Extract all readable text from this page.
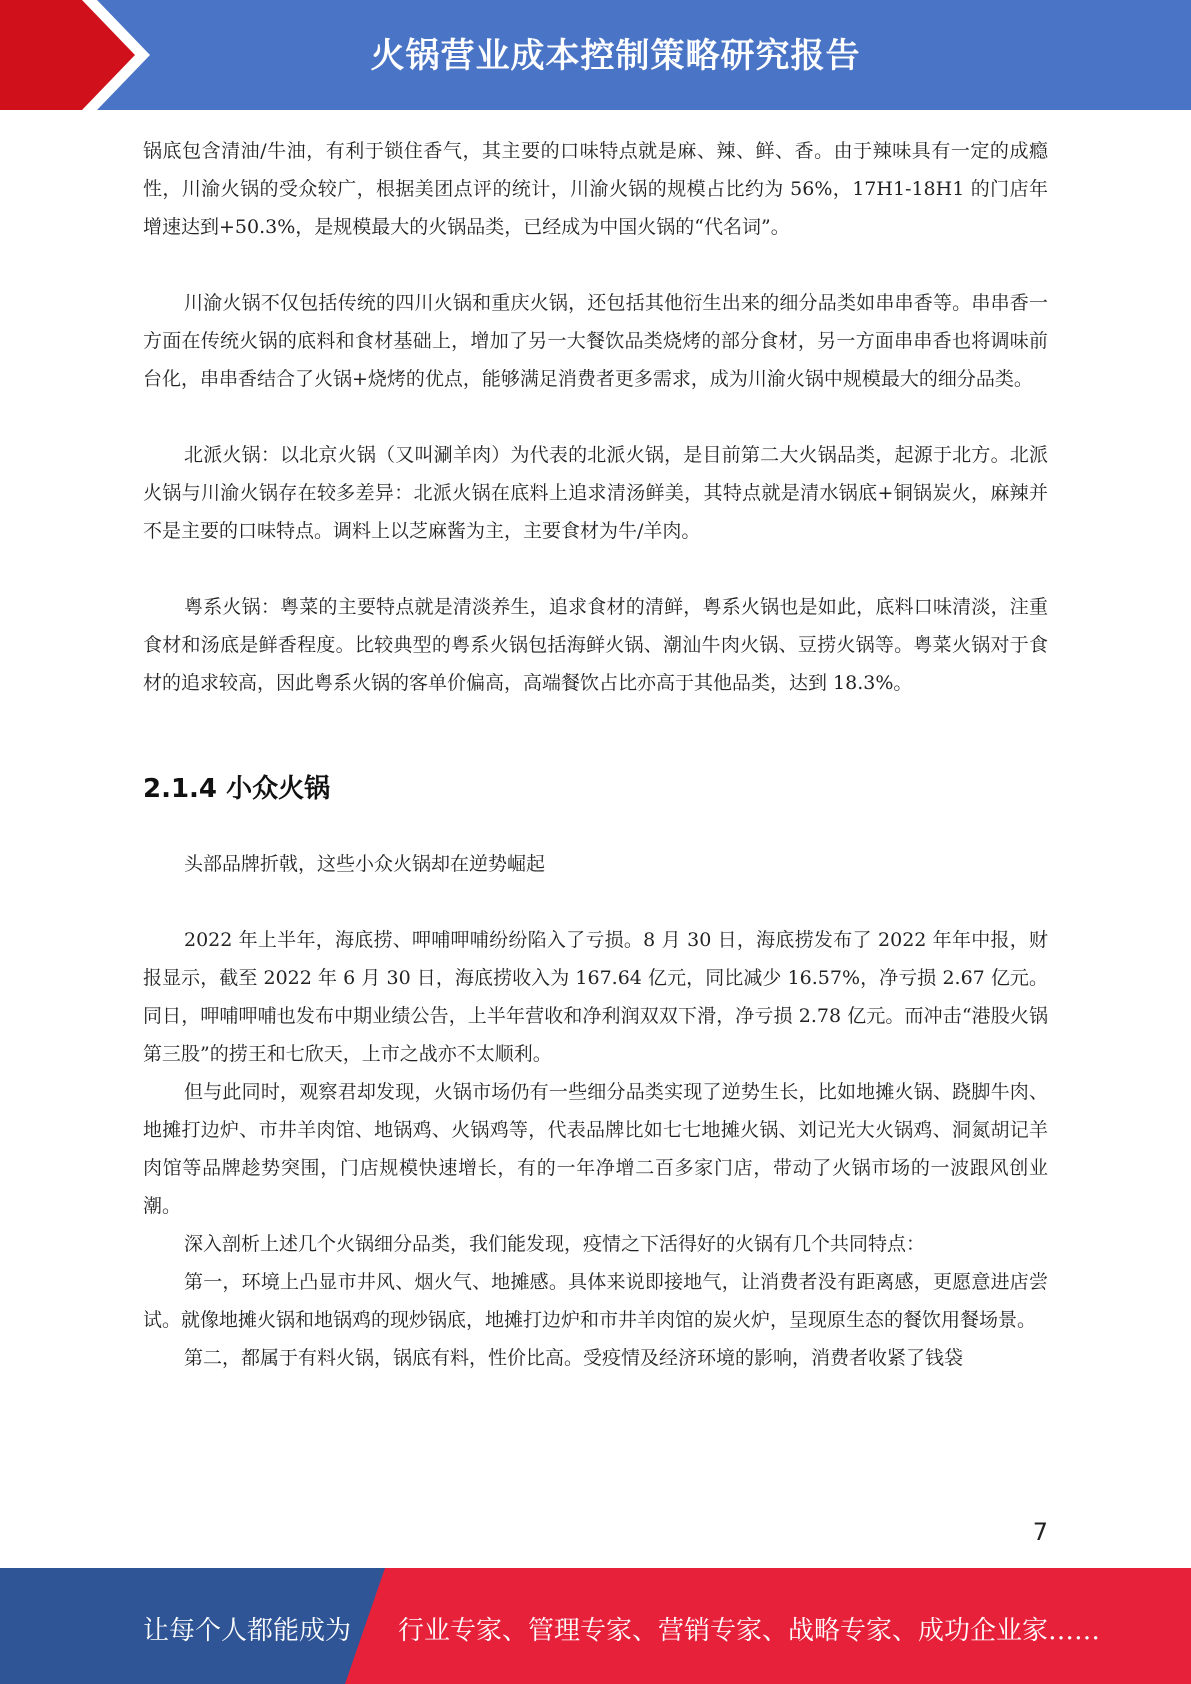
火锅营业成本控制策略研究报告

锅底包含清油/牛油，有利于锁住香气，其主要的口味特点就是麻、辣、鲜、香。由于辣味具有一定的成瘾性，川渝火锅的受众较广，根据美团点评的统计，川渝火锅的规模占比约为 56%，17H1-18H1 的门店年增速达到+50.3%，是规模最大的火锅品类，已经成为中国火锅的“代名词”。

川渝火锅不仅包括传统的四川火锅和重庆火锅，还包括其他衍生出来的细分品类如串串香等。串串香一方面在传统火锅的底料和食材基础上，增加了另一大餐饮品类烧烤的部分食材，另一方面串串香也将调味前台化，串串香结合了火锅+烧烤的优点，能够满足消费者更多需求，成为川渝火锅中规模最大的细分品类。

北派火锅：以北京火锅（又叫涮羊肉）为代表的北派火锅，是目前第二大火锅品类，起源于北方。北派火锅与川渝火锅存在较多差异：北派火锅在底料上追求清汤鲜美，其特点就是清水锅底+铜锅炭火，麻辣并不是主要的口味特点。调料上以芝麻酱为主，主要食材为牛/羊肉。

粤系火锅：粤菜的主要特点就是清淡养生，追求食材的清鲜，粤系火锅也是如此，底料口味清淡，注重食材和汤底是鲜香程度。比较典型的粤系火锅包括海鲜火锅、潮汕牛肉火锅、豆捞火锅等。粤菜火锅对于食材的追求较高，因此粤系火锅的客单价偏高，高端餐饮占比亦高于其他品类，达到 18.3%。

2.1.4 小众火锅

头部品牌折戟，这些小众火锅却在逆势崛起

2022 年上半年，海底捞、呷哺呷哺纷纷陷入了亏损。8 月 30 日，海底捞发布了 2022 年年中报，财报显示，截至 2022 年 6 月 30 日，海底捞收入为 167.64 亿元，同比减少 16.57%，净亏损 2.67 亿元。同日，呷哺呷哺也发布中期业绩公告，上半年营收和净利润双双下滑，净亏损 2.78 亿元。而冲击“港股火锅第三股”的捞王和七欣天，上市之战亦不太顺利。

但与此同时，观察君却发现，火锅市场仍有一些细分品类实现了逆势生长，比如地摊火锅、跷脚牛肉、地摊打边炉、市井羊肉馆、地锅鸡、火锅鸡等，代表品牌比如七七地摊火锅、刘记光大火锅鸡、洞氮胡记羊肉馆等品牌趁势突围，门店规模快速增长，有的一年净增二百多家门店，带动了火锅市场的一波跟风创业潮。

深入剖析上述几个火锅细分品类，我们能发现，疫情之下活得好的火锅有几个共同特点：

第一，环境上凸显市井风、烟火气、地摊感。具体来说即接地气，让消费者没有距离感，更愿意进店尝试。就像地摊火锅和地锅鸡的现炒锅底，地摊打边炉和市井羊肉馆的炭火炉，呈现原生态的餐饮用餐场景。

第二，都属于有料火锅，锅底有料，性价比高。受疫情及经济环境的影响，消费者收紧了钱袋

7
让每个人都能成为 行业专家、管理专家、营销专家、战略专家、成功企业家……
